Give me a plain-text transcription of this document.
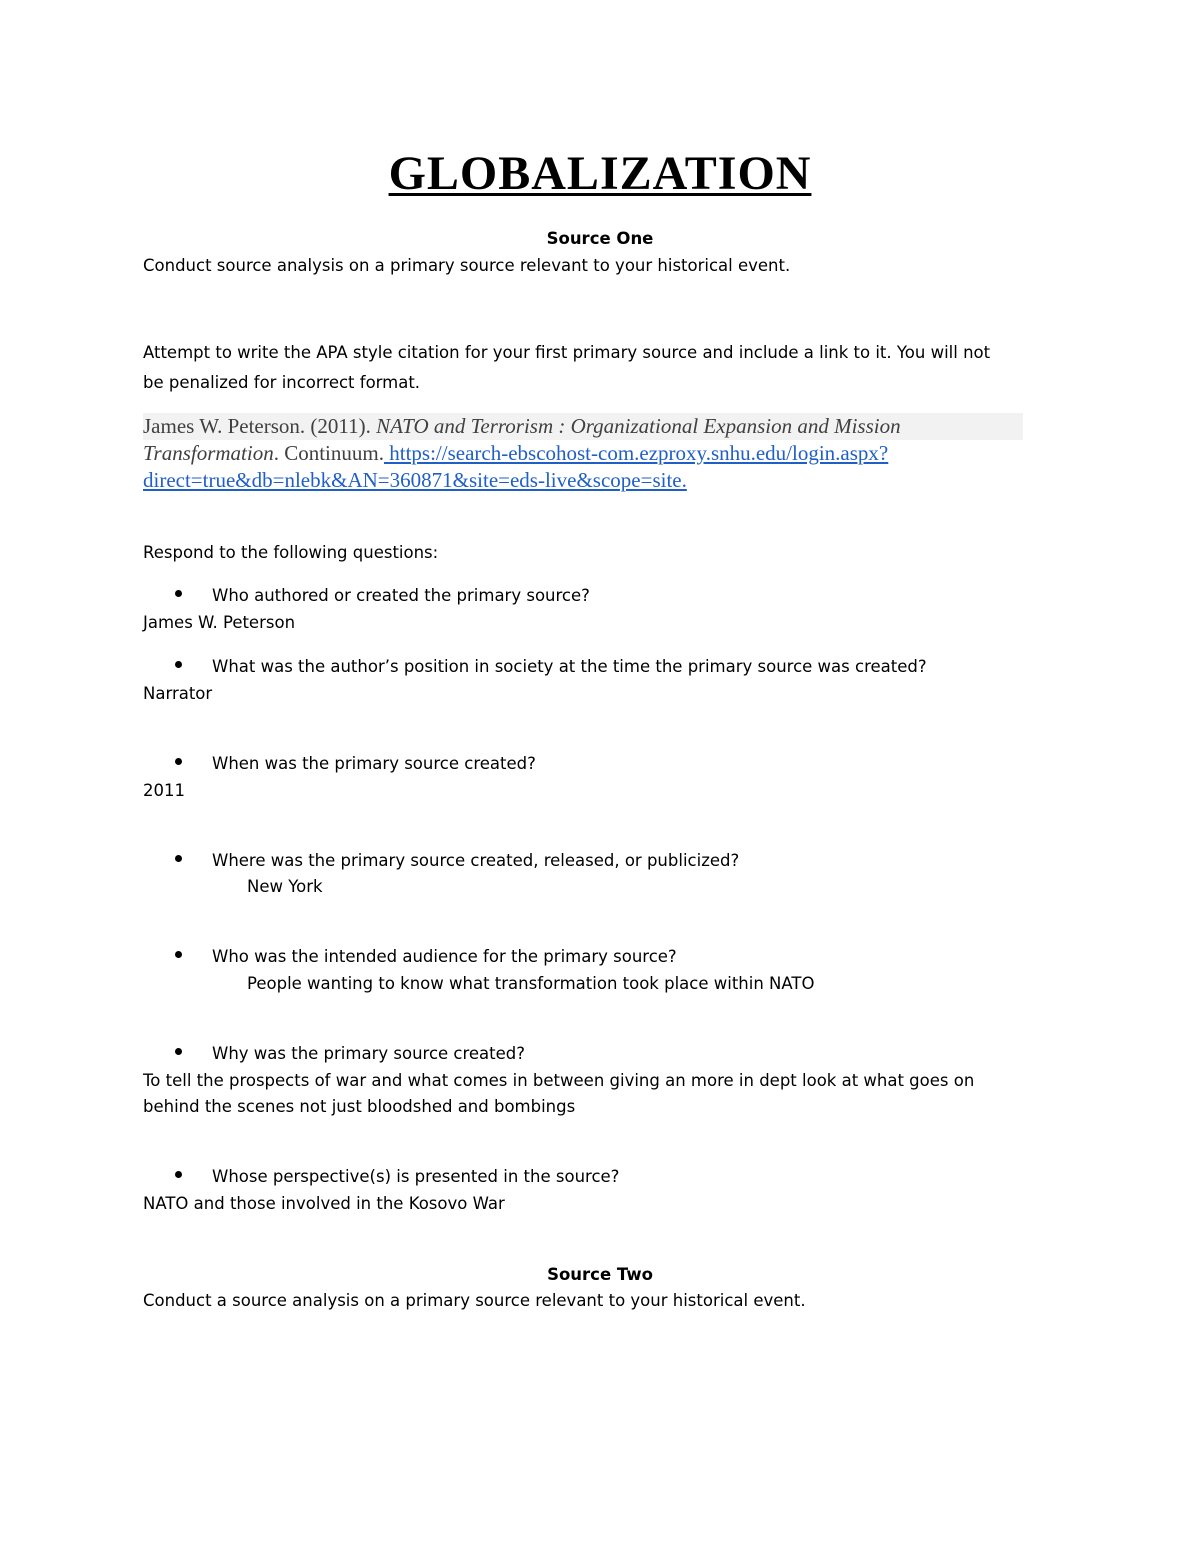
GLOBALIZATION
Source One
Conduct source analysis on a primary source relevant to your historical event.
Attempt to write the APA style citation for your first primary source and include a link to it. You will not
be penalized for incorrect format.
James W. Peterson. (2011). NATO and Terrorism : Organizational Expansion and Mission
Transformation. Continuum. https://search-ebscohost-com.ezproxy.snhu.edu/login.aspx?
direct=true&db=nlebk&AN=360871&site=eds-live&scope=site.
Respond to the following questions:
Who authored or created the primary source?
James W. Peterson
What was the author’s position in society at the time the primary source was created?
Narrator
When was the primary source created?
2011
Where was the primary source created, released, or publicized?
New York
Who was the intended audience for the primary source?
People wanting to know what transformation took place within NATO
Why was the primary source created?
To tell the prospects of war and what comes in between giving an more in dept look at what goes on
behind the scenes not just bloodshed and bombings
Whose perspective(s) is presented in the source?
NATO and those involved in the Kosovo War
Source Two
Conduct a source analysis on a primary source relevant to your historical event.
